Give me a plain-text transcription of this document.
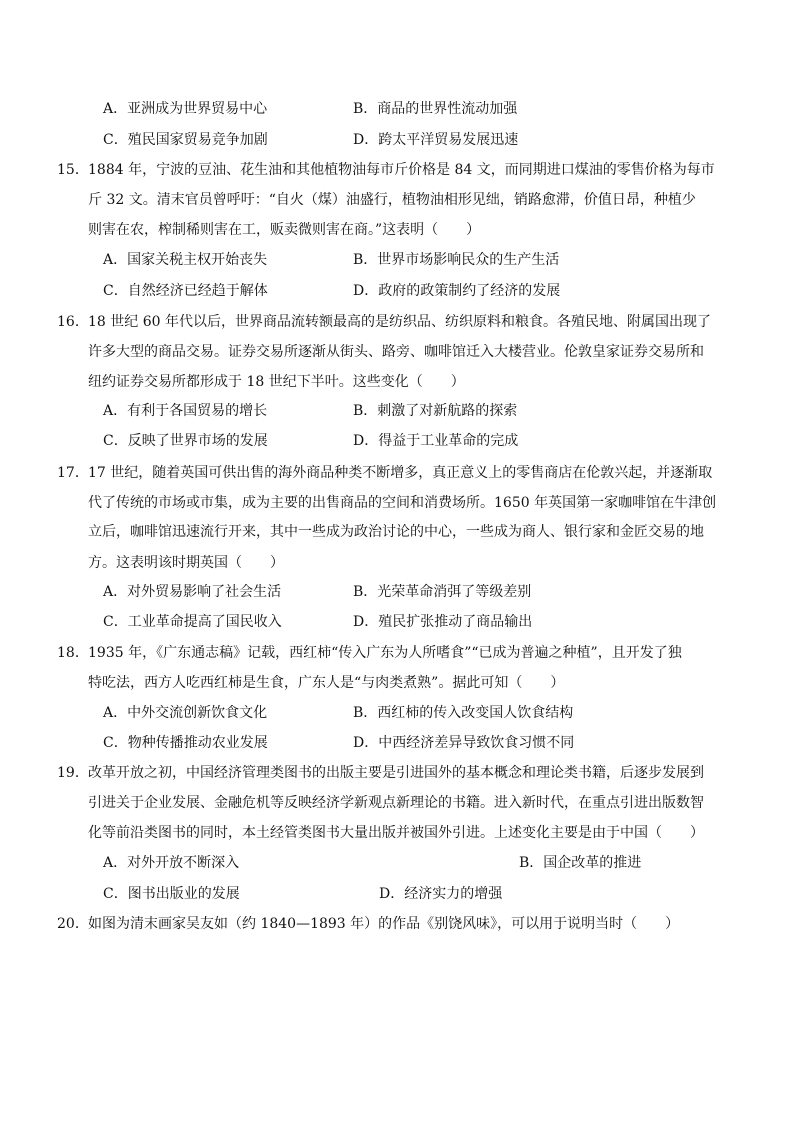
A．亚洲成为世界贸易中心	B．商品的世界性流动加强
C．殖民国家贸易竞争加剧	D．跨太平洋贸易发展迅速
15． 1884 年，宁波的豆油、花生油和其他植物油每市斤价格是 84 文，而同期进口煤油的零售价格为每市
斤 32 文。清末官员曾呼吁：“自火（煤）油盛行，植物油相形见绌，销路愈滞，价值日昂，种植少
则害在农，榨制稀则害在工，贩卖微则害在商。”这表明（　　）
A．国家关税主权开始丧失	B．世界市场影响民众的生产生活
C．自然经济已经趋于解体	D．政府的政策制约了经济的发展
16． 18 世纪 60 年代以后，世界商品流转额最高的是纺织品、纺织原料和粮食。各殖民地、附属国出现了
许多大型的商品交易。证券交易所逐渐从街头、路旁、咖啡馆迁入大楼营业。伦敦皇家证券交易所和
纽约证券交易所都形成于 18 世纪下半叶。这些变化（　　）
A．有利于各国贸易的增长	B．刺激了对新航路的探索
C．反映了世界市场的发展	D．得益于工业革命的完成
17． 17 世纪，随着英国可供出售的海外商品种类不断增多，真正意义上的零售商店在伦敦兴起，并逐渐取
代了传统的市场或市集，成为主要的出售商品的空间和消费场所。1650 年英国第一家咖啡馆在牛津创
立后，咖啡馆迅速流行开来，其中一些成为政治讨论的中心，一些成为商人、银行家和金匠交易的地
方。这表明该时期英国（　　）
A．对外贸易影响了社会生活	B．光荣革命消弭了等级差别
C．工业革命提高了国民收入	D．殖民扩张推动了商品输出
18． 1935 年，《广东通志稿》记载，西红柿“传入广东为人所嗜食”“已成为普遍之种植”，且开发了独
特吃法，西方人吃西红柿是生食，广东人是“与肉类煮熟”。据此可知（　　）
A．中外交流创新饮食文化	B．西红柿的传入改变国人饮食结构
C．物种传播推动农业发展	D．中西经济差异导致饮食习惯不同
19． 改革开放之初，中国经济管理类图书的出版主要是引进国外的基本概念和理论类书籍，后逐步发展到
引进关于企业发展、金融危机等反映经济学新观点新理论的书籍。进入新时代，在重点引进出版数智
化等前沿类图书的同时，本土经管类图书大量出版并被国外引进。上述变化主要是由于中国（　　）
A．对外开放不断深入	B．国企改革的推进
C．图书出版业的发展	D．经济实力的增强
20． 如图为清末画家吴友如（约 1840—1893 年）的作品《别饶风味》，可以用于说明当时（　　）
